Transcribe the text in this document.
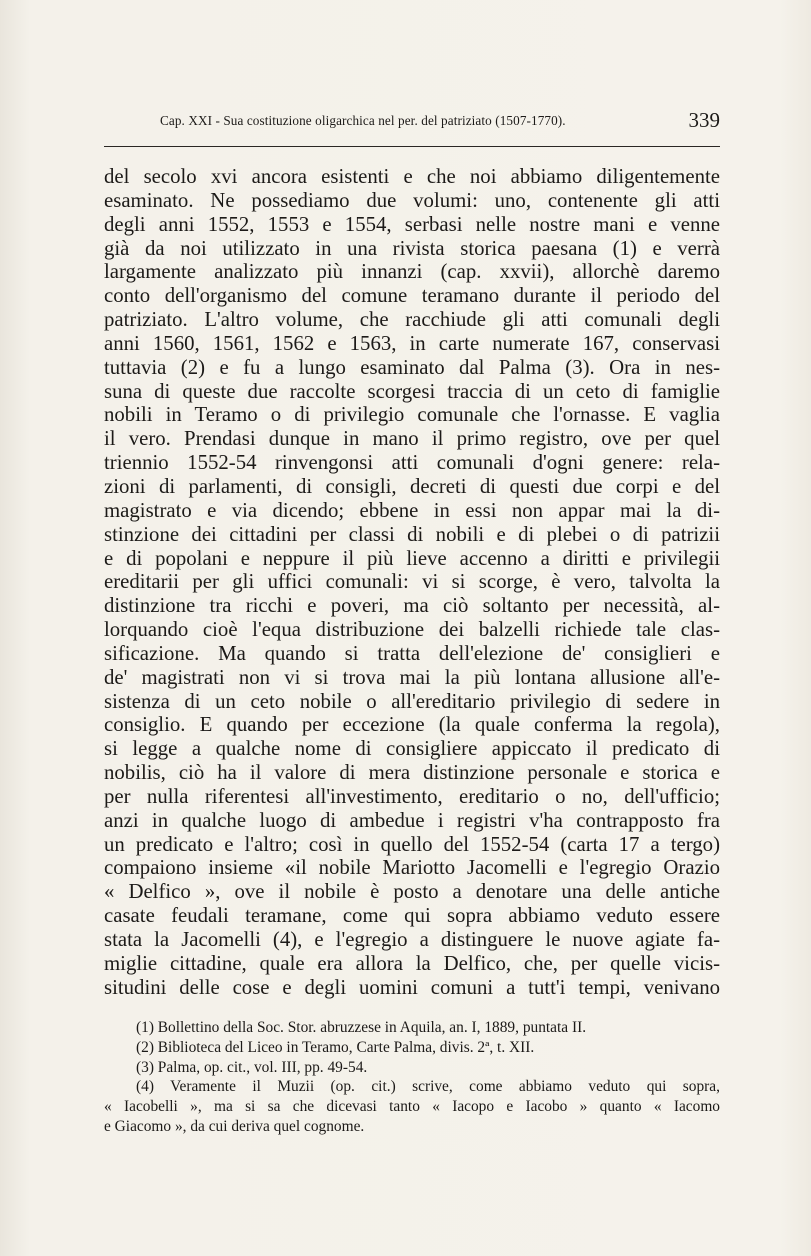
Cap. XXI - Sua costituzione oligarchica nel per. del patriziato (1507-1770).	339
del secolo xvi ancora esistenti e che noi abbiamo diligentemente
esaminato. Ne possediamo due volumi: uno, contenente gli atti
degli anni 1552, 1553 e 1554, serbasi nelle nostre mani e venne
già da noi utilizzato in una rivista storica paesana (1) e verrà
largamente analizzato più innanzi (cap. xxvii), allorchè daremo
conto dell'organismo del comune teramano durante il periodo del
patriziato. L'altro volume, che racchiude gli atti comunali degli
anni 1560, 1561, 1562 e 1563, in carte numerate 167, conservasi
tuttavia (2) e fu a lungo esaminato dal Palma (3). Ora in nes-
suna di queste due raccolte scorgesi traccia di un ceto di famiglie
nobili in Teramo o di privilegio comunale che l'ornasse. E vaglia
il vero. Prendasi dunque in mano il primo registro, ove per quel
triennio 1552-54 rinvengonsi atti comunali d'ogni genere: rela-
zioni di parlamenti, di consigli, decreti di questi due corpi e del
magistrato e via dicendo; ebbene in essi non appar mai la di-
stinzione dei cittadini per classi di nobili e di plebei o di patrizii
e di popolani e neppure il più lieve accenno a diritti e privilegii
ereditarii per gli uffici comunali: vi si scorge, è vero, talvolta la
distinzione tra ricchi e poveri, ma ciò soltanto per necessità, al-
lorquando cioè l'equa distribuzione dei balzelli richiede tale clas-
sificazione. Ma quando si tratta dell'elezione de' consiglieri e
de' magistrati non vi si trova mai la più lontana allusione all'e-
sistenza di un ceto nobile o all'ereditario privilegio di sedere in
consiglio. E quando per eccezione (la quale conferma la regola),
si legge a qualche nome di consigliere appiccato il predicato di
nobilis, ciò ha il valore di mera distinzione personale e storica e
per nulla riferentesi all'investimento, ereditario o no, dell'ufficio;
anzi in qualche luogo di ambedue i registri v'ha contrapposto fra
un predicato e l'altro; così in quello del 1552-54 (carta 17 a tergo)
compaiono insieme «il nobile Mariotto Jacomelli e l'egregio Orazio
« Delfico », ove il nobile è posto a denotare una delle antiche
casate feudali teramane, come qui sopra abbiamo veduto essere
stata la Jacomelli (4), e l'egregio a distinguere le nuove agiate fa-
miglie cittadine, quale era allora la Delfico, che, per quelle vicis-
situdini delle cose e degli uomini comuni a tutt'i tempi, venivano
(1) Bollettino della Soc. Stor. abruzzese in Aquila, an. I, 1889, puntata II.
(2) Biblioteca del Liceo in Teramo, Carte Palma, divis. 2ª, t. XII.
(3) Palma, op. cit., vol. III, pp. 49-54.
(4) Veramente il Muzii (op. cit.) scrive, come abbiamo veduto qui sopra,
« Iacobelli », ma si sa che dicevasi tanto « Iacopo e Iacobo » quanto « Iacomo
e Giacomo », da cui deriva quel cognome.
